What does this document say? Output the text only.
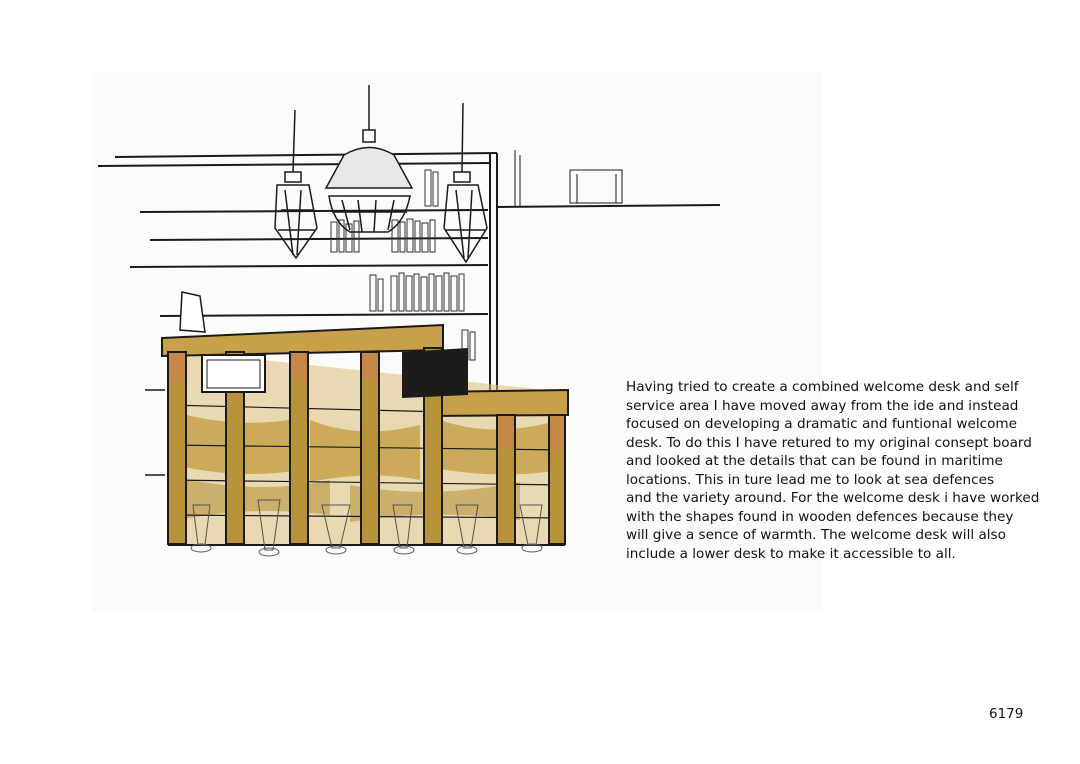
Having tried to create a combined welcome desk and self
service area I have moved away from the ide and instead
focused on developing a dramatic and funtional welcome
desk. To do this I have retured to my original consept board
and looked at the details that can be found in maritime
locations. This in ture lead me to look at sea defences
and the variety around. For the welcome desk i have worked
with the shapes found in wooden defences because they
will give a sence of warmth. The welcome desk will also
include a lower desk to make it accessible to all.

6179
